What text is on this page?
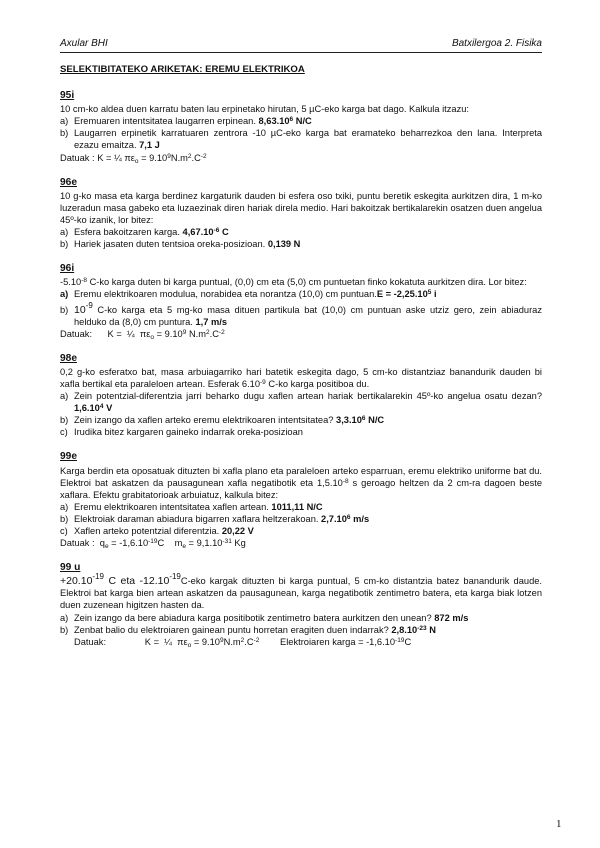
Axular BHI	Batxilergoa 2. Fisika
SELEKTIBITATEKO ARIKETAK: EREMU ELEKTRIKOA
95i
10 cm-ko aldea duen karratu baten lau erpinetako hirutan, 5 µC-eko karga bat dago. Kalkula itzazu:
a) Eremuaren intentsitatea laugarren erpinean. 8,63.10$^6$ N/C
b) Laugarren erpinetik karratuaren zentrora -10 µC-eko karga bat eramateko beharrezkoa den lana. Interpreta ezazu emaitza. 7,1 J
Datuak : K = ¼ $\pi\varepsilon_o = 9.10^9N.m^2.C^{-2}$
96e
10 g-ko masa eta karga berdinez kargaturik dauden bi esfera oso txiki, puntu beretik eskegita aurkitzen dira, 1 m-ko luzeradun masa gabeko eta luzaezinak diren hariak direla medio. Hari bakoitzak bertikalarekin osatzen duen angelua 45º-ko izanik, lor bitez:
a) Esfera bakoitzaren karga. $4,67.10^{-6}$ C
b) Hariek jasaten duten tentsioa oreka-posizioan. 0,139 N
96i
$-5.10^{-8}$ C-ko karga duten bi karga puntual, (0,0) cm eta (5,0) cm puntuetan finko kokatuta aurkitzen dira. Lor bitez:
a) Eremu elektrikoaren modulua, norabidea eta norantza (10,0) cm puntuan.E = $-2,25.10^5$ i
b) $10^{-9}$ C-ko karga eta 5 mg-ko masa dituen partikula bat (10,0) cm puntuan aske utziz gero, zein abiaduraz helduko da (8,0) cm puntura. 1,7 m/s
Datuak:      K =  ¼  $\pi\varepsilon_o = 9.10^9$ $N.m^2.C^{-2}$
98e
0,2 g-ko esferatxo bat, masa arbuiagarriko hari batetik eskegita dago, 5 cm-ko distantziaz banandurik dauden bi xafla bertikal eta paraleloen artean. Esferak $6.10^{-9}$ C-ko karga positiboa du.
a) Zein potentzial-diferentzia jarri beharko dugu xaflen artean hariak bertikalarekin 45º-ko angelua osatu dezan? 1,6.10$^4$ V
b) Zein izango da xaflen arteko eremu elektrikoaren intentsitatea? 3,3.10$^6$ N/C
c) Irudika bitez kargaren gaineko indarrak oreka-posizioan
99e
Karga berdin eta oposatuak dituzten bi xafla plano eta paraleloen arteko esparruan, eremu elektriko uniforme bat du. Elektroi bat askatzen da pausagunean xafla negatibotik eta $1,5.10^{-8}$ s geroago heltzen da 2 cm-ra dagoen beste xaflara. Efektu grabitatorioak arbuiatuz, kalkula bitez:
a) Eremu elektrikoaren intentsitatea xaflen artean. 1011,11 N/C
b) Elektroiak daraman abiadura bigarren xaflara heltzerakoan. 2,7.10$^6$ m/s
c) Xaflen arteko potentzial diferentzia. 20,22 V
Datuak :  $q_e = -1,6.10^{-19}C$    $m_e = 9,1.10^{-31}$ Kg
99 u
$+20.10^{-19}$ C eta $-12.10^{-19}C$-eko kargak dituzten bi karga puntual, 5 cm-ko distantzia batez banandurik daude. Elektroi bat karga bien artean askatzen da pausagunean, karga negatibotik zentimetro batera, eta karga biak lotzen duen zuzenean higitzen hasten da.
a) Zein izango da bere abiadura karga positibotik zentimetro batera aurkitzen den unean? 872 m/s
b) Zenbat balio du elektroiaren gainean puntu horretan eragiten duen indarrak? $2,8.10^{-23}$ N
Datuak:               K =  ¼  $\pi\varepsilon_o = 9.10^9N.m^2.C^{-2}$        Elektroiaren karga = $-1,6.10^{-19}C$
1
